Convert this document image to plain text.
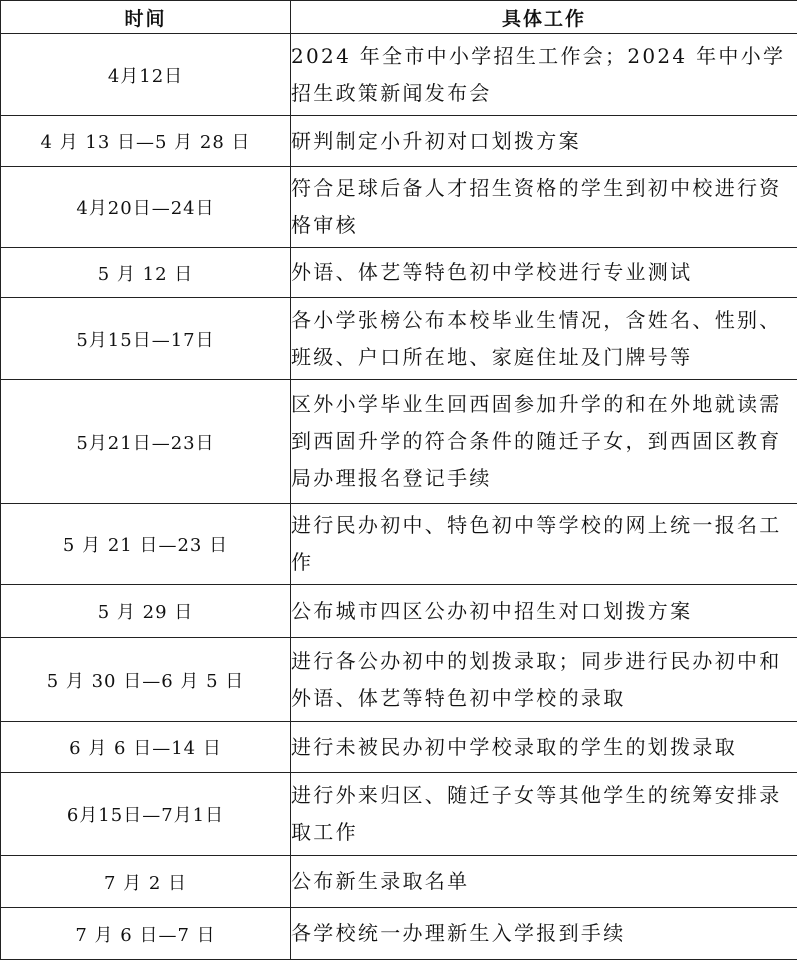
时间	具体工作
4月12日	2024 年全市中小学招生工作会；2024 年中小学招生政策新闻发布会
4 月 13 日—5 月 28 日	研判制定小升初对口划拨方案
4月20日—24日	符合足球后备人才招生资格的学生到初中校进行资格审核
5 月 12 日	外语、体艺等特色初中学校进行专业测试
5月15日—17日	各小学张榜公布本校毕业生情况，含姓名、性别、班级、户口所在地、家庭住址及门牌号等
5月21日—23日	区外小学毕业生回西固参加升学的和在外地就读需到西固升学的符合条件的随迁子女，到西固区教育局办理报名登记手续
5 月 21 日—23 日	进行民办初中、特色初中等学校的网上统一报名工作
5 月 29 日	公布城市四区公办初中招生对口划拨方案
5 月 30 日—6 月 5 日	进行各公办初中的划拨录取；同步进行民办初中和外语、体艺等特色初中学校的录取
6 月 6 日—14 日	进行未被民办初中学校录取的学生的划拨录取
6月15日—7月1日	进行外来归区、随迁子女等其他学生的统筹安排录取工作
7 月 2 日	公布新生录取名单
7 月 6 日—7 日	各学校统一办理新生入学报到手续
